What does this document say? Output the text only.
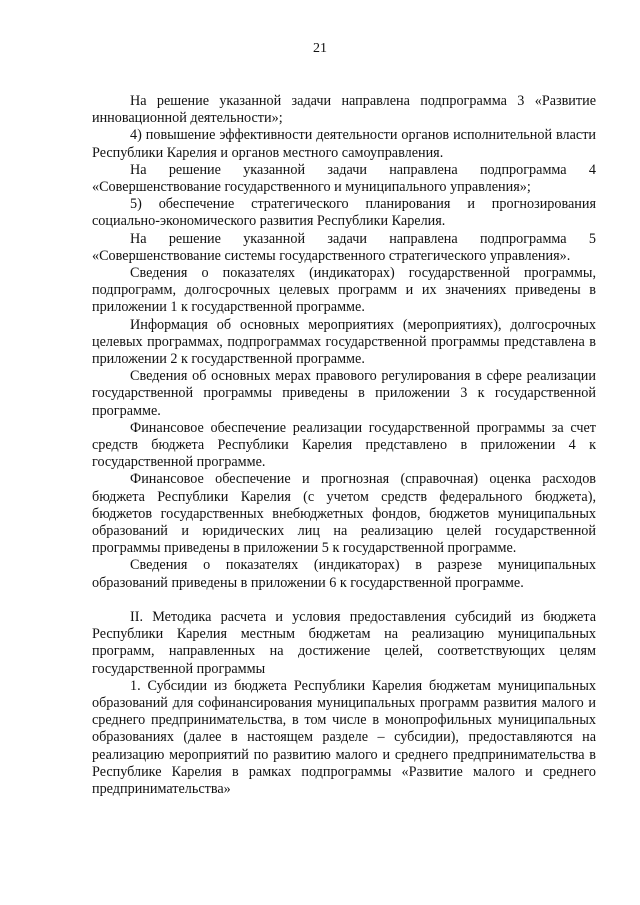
21

На решение указанной задачи направлена подпрограмма 3 «Развитие инновационной деятельности»;

4) повышение эффективности деятельности органов исполнительной власти Республики Карелия и органов местного самоуправления.

На решение указанной задачи направлена подпрограмма 4 «Совершенствование государственного и муниципального управления»;

5) обеспечение стратегического планирования и прогнозирования социально-экономического развития Республики Карелия.

На решение указанной задачи направлена подпрограмма 5 «Совершенствование системы государственного стратегического управления».

Сведения о показателях (индикаторах) государственной программы, подпрограмм, долгосрочных целевых программ и их значениях приведены в приложении 1 к государственной программе.

Информация об основных мероприятиях (мероприятиях), долгосрочных целевых программах, подпрограммах государственной программы представлена в приложении 2 к государственной программе.

Сведения об основных мерах правового регулирования в сфере реализации государственной программы приведены в приложении 3 к государственной программе.

Финансовое обеспечение реализации государственной программы за счет средств бюджета Республики Карелия представлено в приложении 4 к государственной программе.

Финансовое обеспечение и прогнозная (справочная) оценка расходов бюджета Республики Карелия (с учетом средств федерального бюджета), бюджетов государственных внебюджетных фондов, бюджетов муниципальных образований и юридических лиц на реализацию целей государственной программы приведены в приложении 5 к государственной программе.

Сведения о показателях (индикаторах) в разрезе муниципальных образований приведены в приложении 6 к государственной программе.

II. Методика расчета и условия предоставления субсидий из бюджета Республики Карелия местным бюджетам на реализацию муниципальных программ, направленных на достижение целей, соответствующих целям государственной программы

1. Субсидии из бюджета Республики Карелия бюджетам муниципальных образований для софинансирования муниципальных программ развития малого и среднего предпринимательства, в том числе в монопрофильных муниципальных образованиях (далее в настоящем разделе – субсидии), предоставляются на реализацию мероприятий по развитию малого и среднего предпринимательства в Республике Карелия в рамках подпрограммы «Развитие малого и среднего предпринимательства»
